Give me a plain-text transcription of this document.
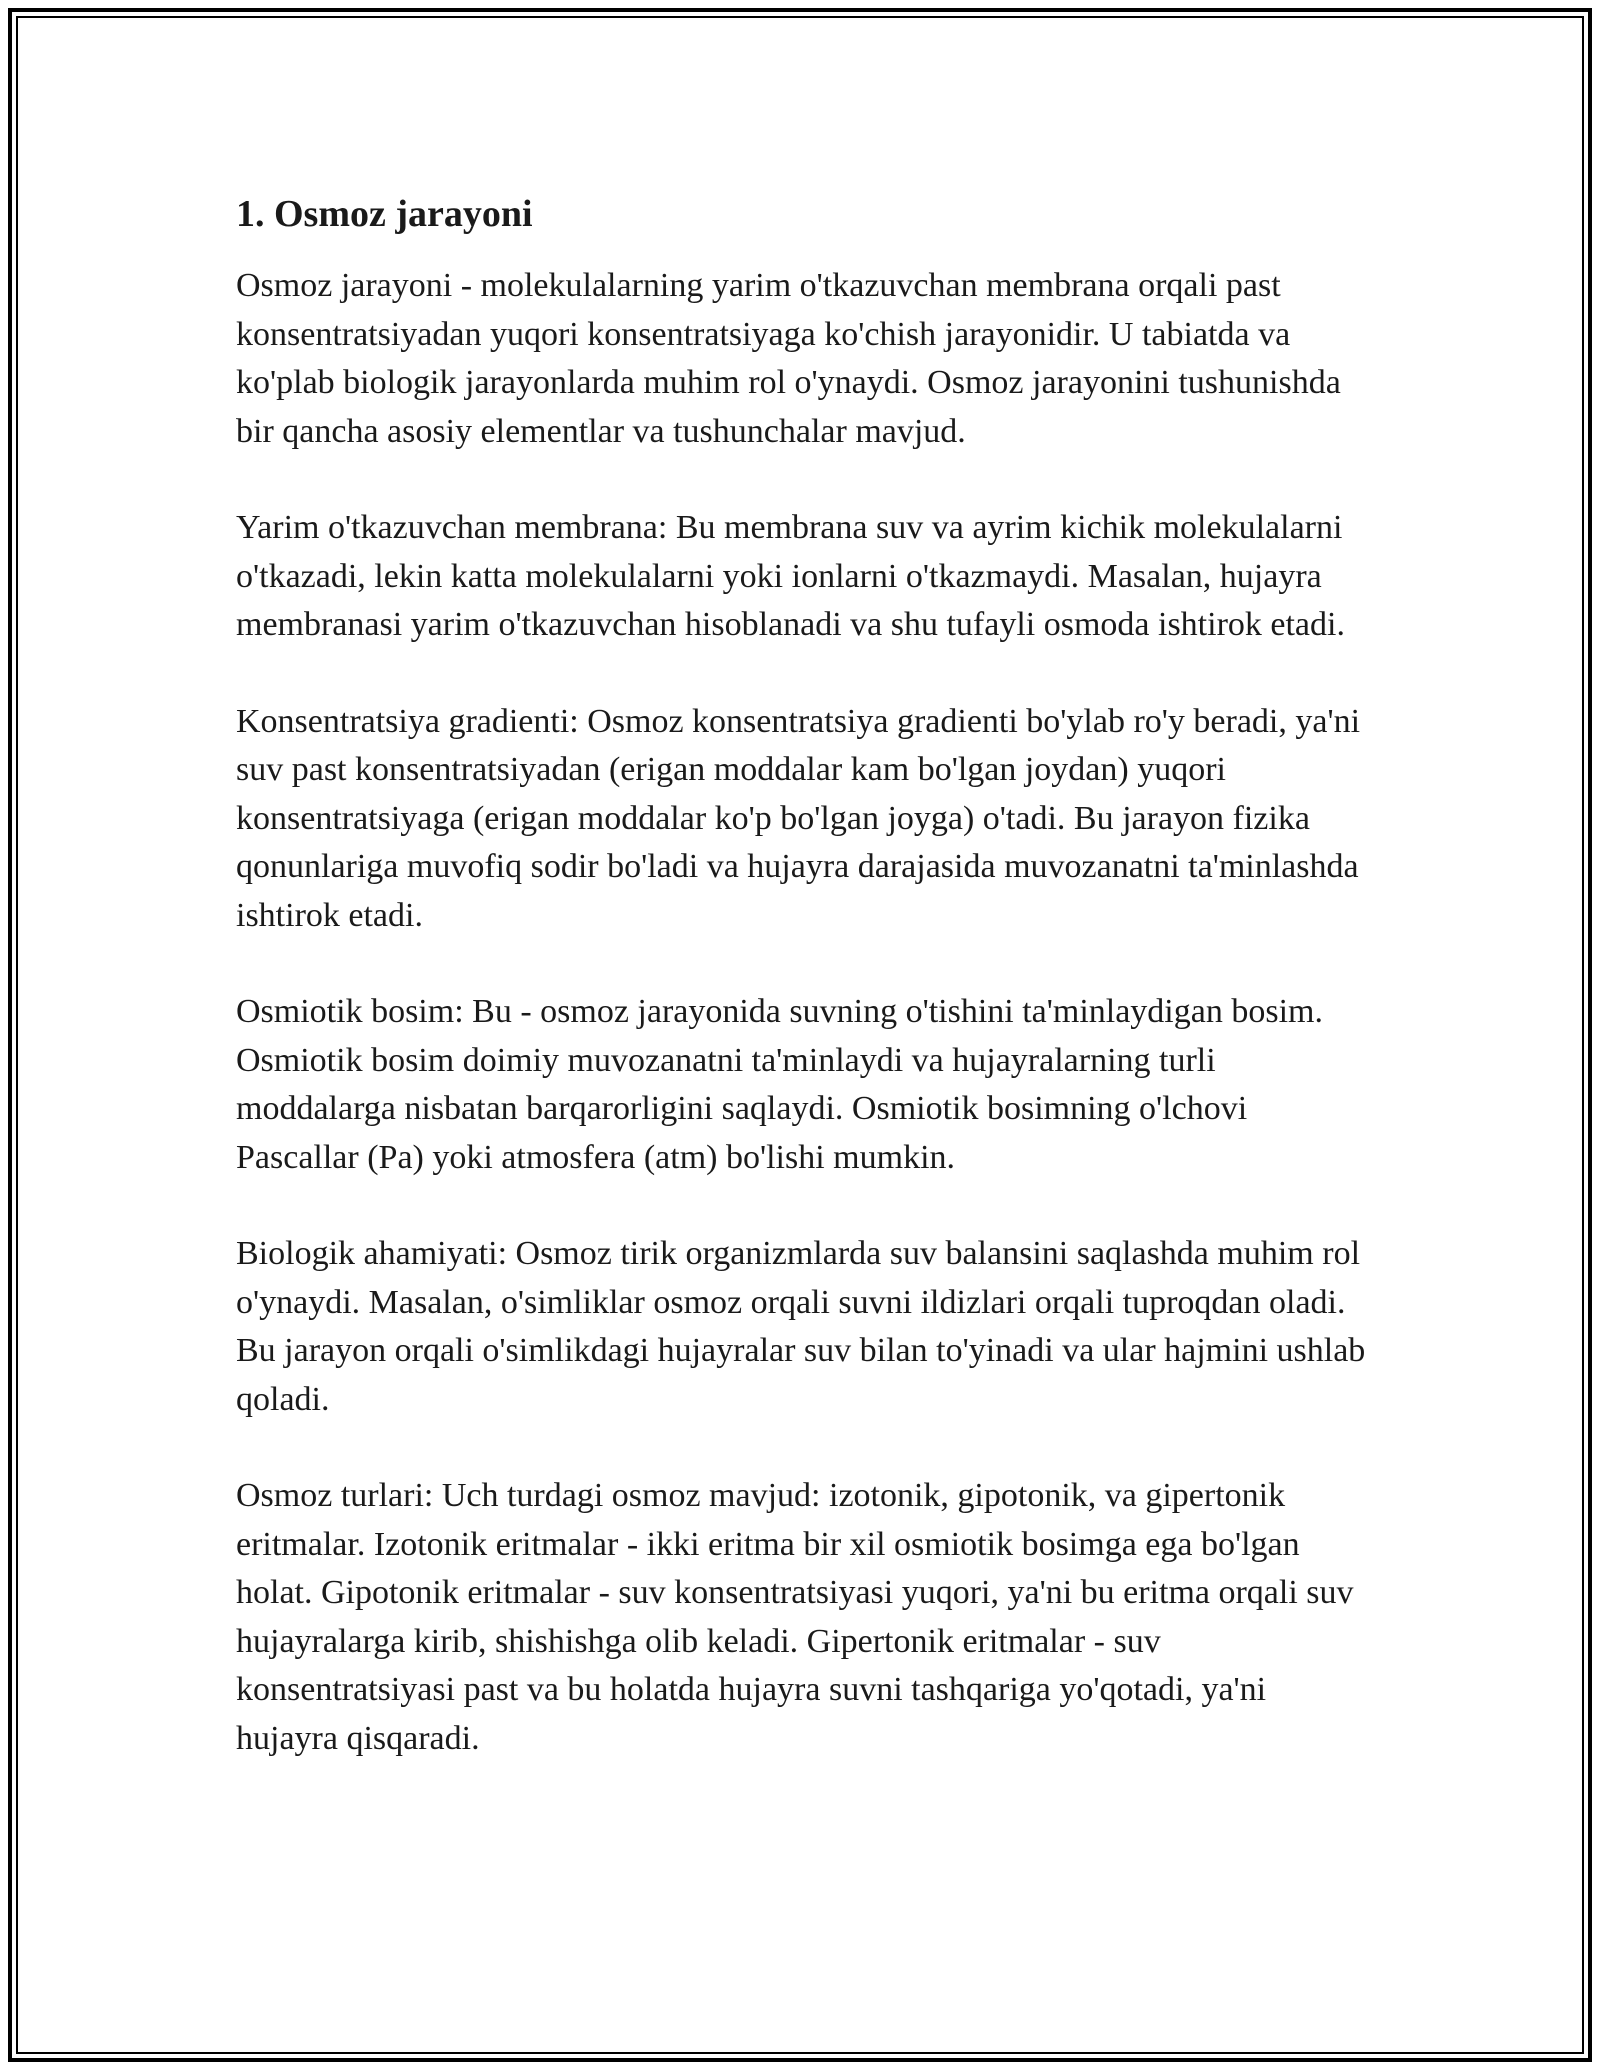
1. Osmoz jarayoni

Osmoz jarayoni - molekulalarning yarim o'tkazuvchan membrana orqali past konsentratsiyadan yuqori konsentratsiyaga ko'chish jarayonidir. U tabiatda va ko'plab biologik jarayonlarda muhim rol o'ynaydi. Osmoz jarayonini tushunishda bir qancha asosiy elementlar va tushunchalar mavjud.

Yarim o'tkazuvchan membrana: Bu membrana suv va ayrim kichik molekulalarni o'tkazadi, lekin katta molekulalarni yoki ionlarni o'tkazmaydi. Masalan, hujayra membranasi yarim o'tkazuvchan hisoblanadi va shu tufayli osmoda ishtirok etadi.

Konsentratsiya gradienti: Osmoz konsentratsiya gradienti bo'ylab ro'y beradi, ya'ni suv past konsentratsiyadan (erigan moddalar kam bo'lgan joydan) yuqori konsentratsiyaga (erigan moddalar ko'p bo'lgan joyga) o'tadi. Bu jarayon fizika qonunlariga muvofiq sodir bo'ladi va hujayra darajasida muvozanatni ta'minlashda ishtirok etadi.

Osmiotik bosim: Bu - osmoz jarayonida suvning o'tishini ta'minlaydigan bosim. Osmiotik bosim doimiy muvozanatni ta'minlaydi va hujayralarning turli moddalarga nisbatan barqarorligini saqlaydi. Osmiotik bosimning o'lchovi Pascallar (Pa) yoki atmosfera (atm) bo'lishi mumkin.

Biologik ahamiyati: Osmoz tirik organizmlarda suv balansini saqlashda muhim rol o'ynaydi. Masalan, o'simliklar osmoz orqali suvni ildizlari orqali tuproqdan oladi. Bu jarayon orqali o'simlikdagi hujayralar suv bilan to'yinadi va ular hajmini ushlab qoladi.

Osmoz turlari: Uch turdagi osmoz mavjud: izotonik, gipotonik, va gipertonik eritmalar. Izotonik eritmalar - ikki eritma bir xil osmiotik bosimga ega bo'lgan holat. Gipotonik eritmalar - suv konsentratsiyasi yuqori, ya'ni bu eritma orqali suv hujayralarga kirib, shishishga olib keladi. Gipertonik eritmalar - suv konsentratsiyasi past va bu holatda hujayra suvni tashqariga yo'qotadi, ya'ni hujayra qisqaradi.
